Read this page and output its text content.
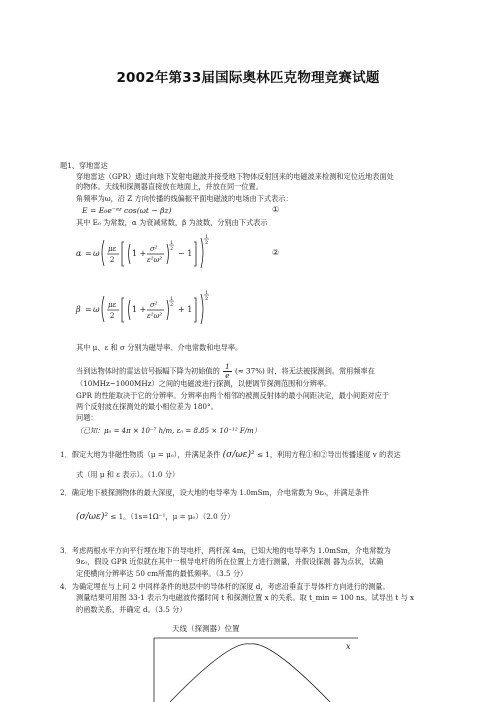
2002年第33届国际奥林匹克物理竞赛试题
题1、穿地雷达
穿地雷达（GPR）通过向地下发射电磁波并接受地下物体反射回来的电磁波来检测和定位近地表面处
的物体。天线和探测器直接放在地面上，并放在同一位置。
角频率为ω，沿 Z 方向传播的线偏振平面电磁波的电场由下式表示：
E = E₀e⁻ᵅᶻ cos(ωt − βz)	①
其中 E₀ 为常数，α 为衰减常数，β 为波数，分别由下式表示
α = ω με
2
1 + σ²
ε²ω²
1
2 − 1
1
2
②
β = ω με
2
1 + σ²
ε²ω²
1
2 + 1
1
2
其中 μ、ε 和 σ 分别为磁导率、介电常数和电导率。
当到达物体时的雷达信号振幅下降为初始值的 $\frac{1}{e}$ (≈ 37%) 时，将无法被探测到。常用频率在
（10MHz~1000MHz）之间的电磁波进行探测，以便调节探测范围和分辨率。
GPR 的性能取决于它的分辨率。分辨率由两个相邻的被测反射体的最小间距决定，最小间距对应于
两个反射波在探测处的最小相位差为 180°。
问题：
（已知：μ₀ = 4π × 10⁻⁷ h/m, ε₀ = 8.85 × 10⁻¹² F/m）
1．假定大地为非磁性物质（μ = μ₀），并满足条件 (σ/ωε)² ≤ 1，利用方程①和②导出传播速度 v 的表达
式（用 μ 和 ε 表示）。（1.0 分）
2．确定地下被探测物体的最大深度，设大地的电导率为 1.0mSm，介电常数为 9ε₀，并满足条件
(σ/ωε)² ≤ 1。（1s=1Ω⁻¹，μ = μ₀）（2.0 分）
3．考虑两根水平方向平行埋在地下的导电杆，两杆深 4m，已知大地的电导率为 1.0mSm，介电常数为
9ε₀，假设 GPR 近似就在其中一根导电杆的所在位置上方进行测量，并假设探测 器为点状，试确
定使横向分辨率达 50 cm所需的最低频率。（3.5 分）
4．为确定埋在与上问 2 中同样条件的地层中的导体杆的深度 d，考虑沿垂直于导体杆方向进行的测量。
测量结果可用图 33-1 表示为电磁波传播时间 t 和探测位置 x 的关系。取 t_min = 100 ns。试导出 t 与 x
的函数关系，并确定 d。（3.5 分）
天线（探测器）位置
x
